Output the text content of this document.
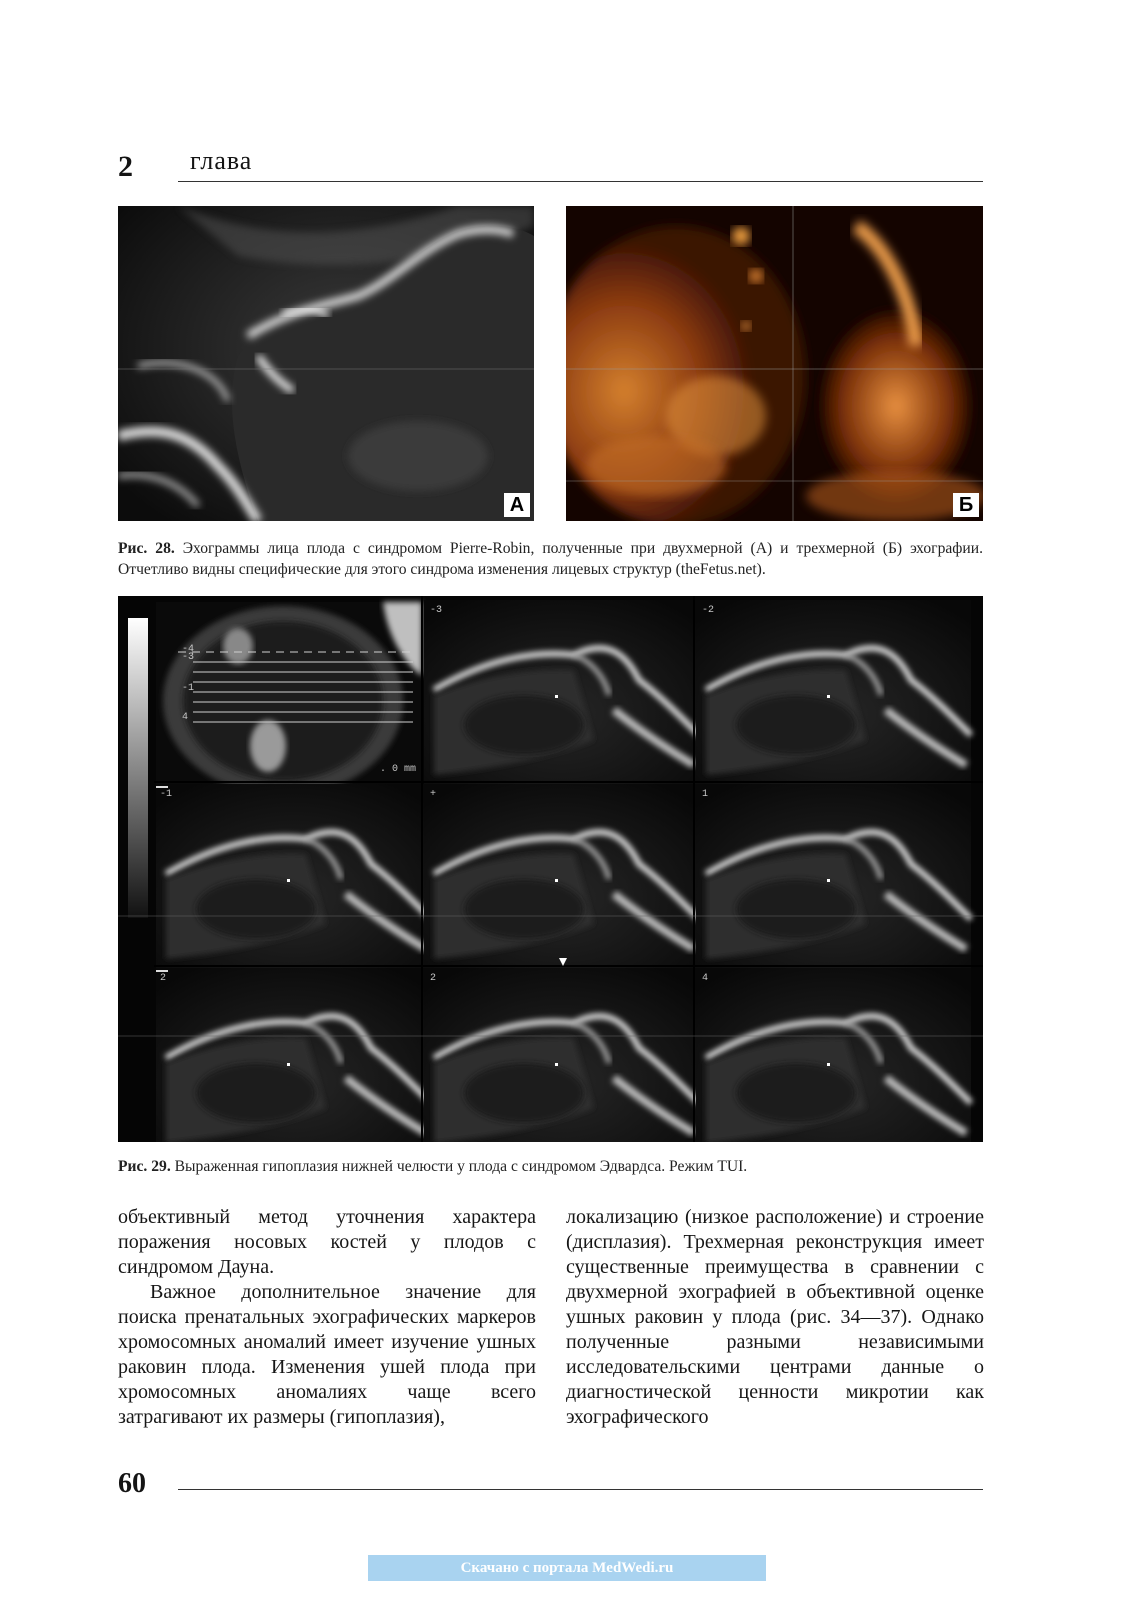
2 глава
А	Б
Рис. 28. Эхограммы лица плода с синдромом Pierre-Robin, полученные при двухмерной (А) и трехмерной (Б) эхографии. Отчетливо видны специфические для этого синдрома изменения лицевых структур (theFetus.net).
-4
-3
-1
4
. 0 mm
-3	-2
-1	+	1
2	2	4
Рис. 29. Выраженная гипоплазия нижней челюсти у плода с синдромом Эдвардса. Режим TUI.

объективный метод уточнения характера поражения носовых костей у плодов с синдромом Дауна.

Важное дополнительное значение для поиска пренатальных эхографических маркеров хромосомных аномалий имеет изучение ушных раковин плода. Изменения ушей плода при хромосомных аномалиях чаще всего затрагивают их размеры (гипоплазия),

локализацию (низкое расположение) и строение (дисплазия). Трехмерная реконструкция имеет существенные преимущества в сравнении с двухмерной эхографией в объективной оценке ушных раковин у плода (рис. 34—37). Однако полученные разными независимыми исследовательскими центрами данные о диагностической ценности микротии как эхографического

60
Скачано с портала MedWedi.ru
